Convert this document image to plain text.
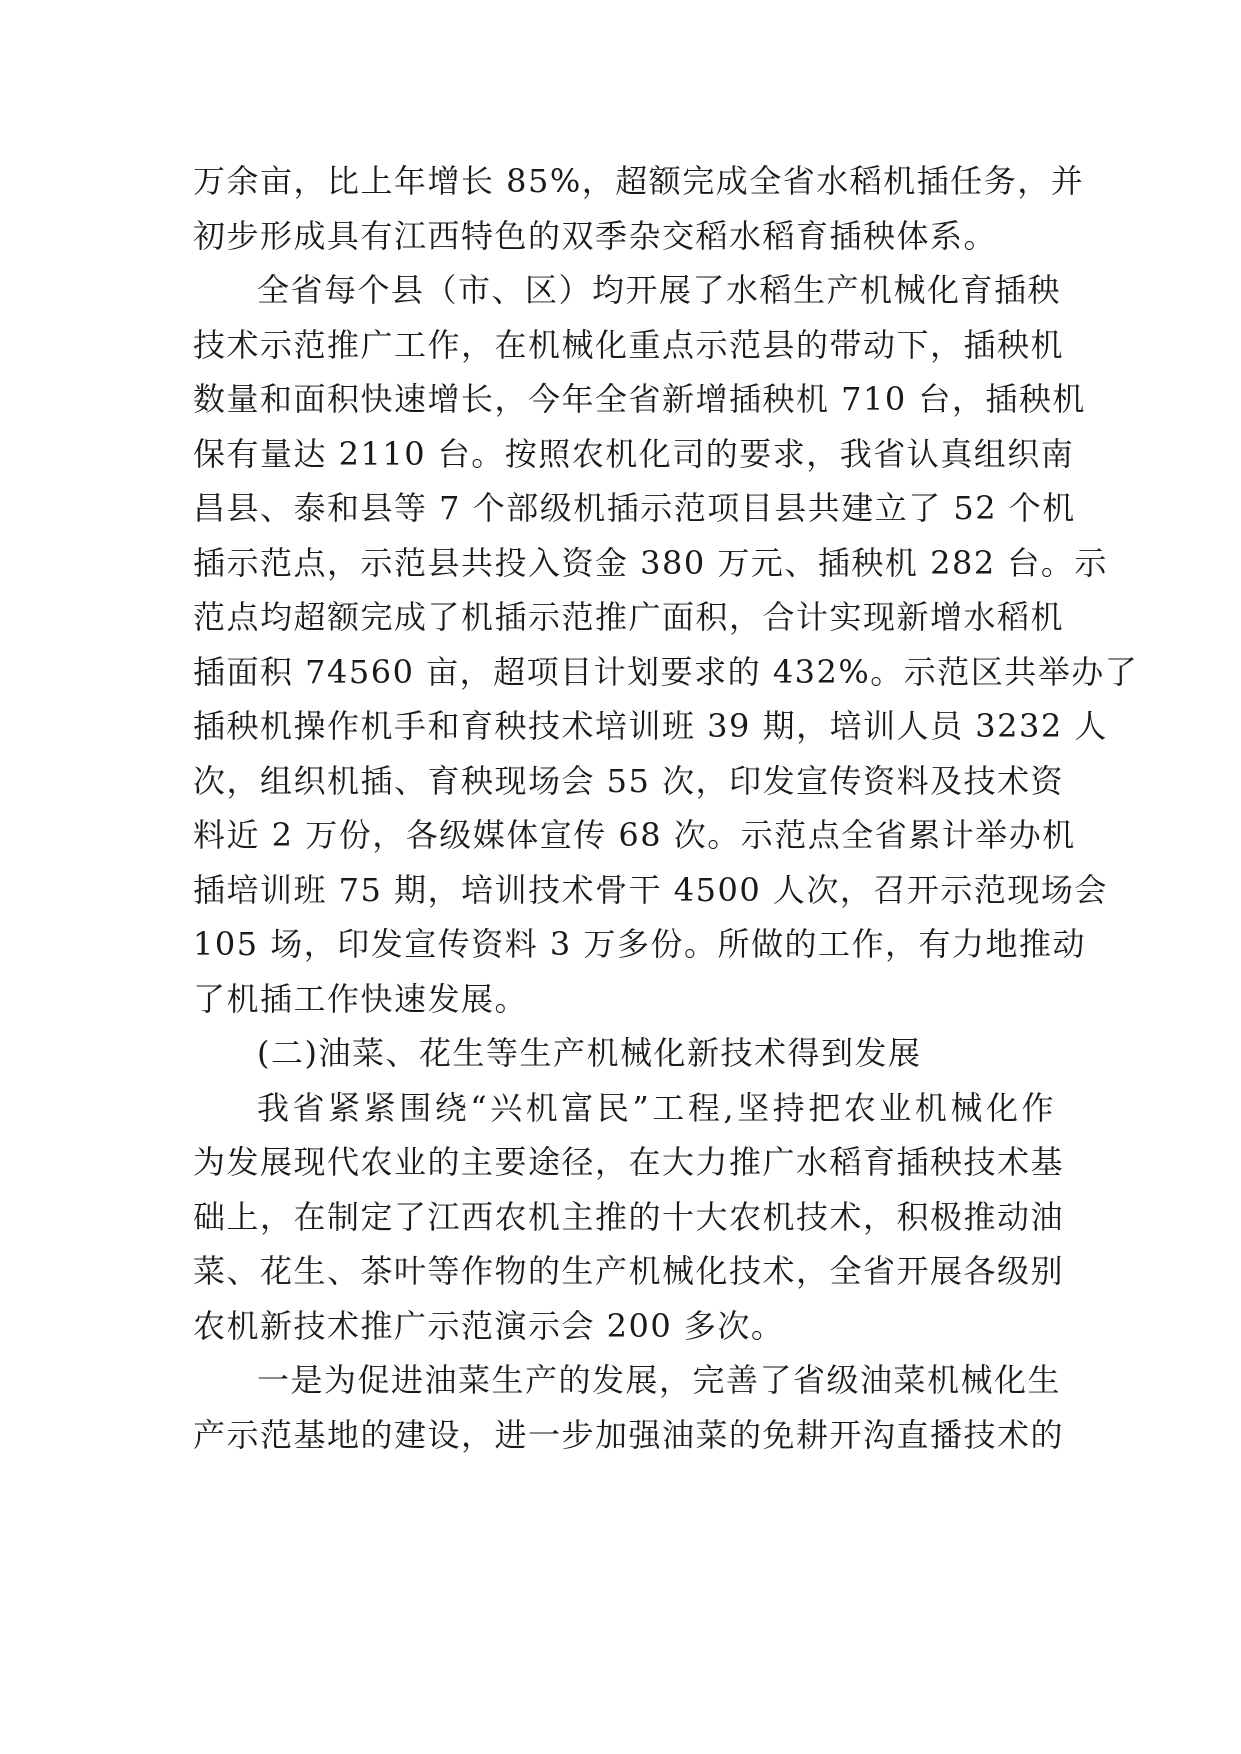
万余亩，比上年增长 85%，超额完成全省水稻机插任务，并
初步形成具有江西特色的双季杂交稻水稻育插秧体系。
全省每个县（市、区）均开展了水稻生产机械化育插秧
技术示范推广工作，在机械化重点示范县的带动下，插秧机
数量和面积快速增长，今年全省新增插秧机 710 台，插秧机
保有量达 2110 台。按照农机化司的要求，我省认真组织南
昌县、泰和县等 7 个部级机插示范项目县共建立了 52 个机
插示范点，示范县共投入资金 380 万元、插秧机 282 台。示
范点均超额完成了机插示范推广面积，合计实现新增水稻机
插面积 74560 亩，超项目计划要求的 432%。示范区共举办了
插秧机操作机手和育秧技术培训班 39 期，培训人员 3232 人
次，组织机插、育秧现场会 55 次，印发宣传资料及技术资
料近 2 万份，各级媒体宣传 68 次。示范点全省累计举办机
插培训班 75 期，培训技术骨干 4500 人次，召开示范现场会
105 场，印发宣传资料 3 万多份。所做的工作，有力地推动
了机插工作快速发展。
(二)油菜、花生等生产机械化新技术得到发展
我省紧紧围绕“兴机富民”工程,坚持把农业机械化作
为发展现代农业的主要途径，在大力推广水稻育插秧技术基
础上，在制定了江西农机主推的十大农机技术，积极推动油
菜、花生、茶叶等作物的生产机械化技术，全省开展各级别
农机新技术推广示范演示会 200 多次。
一是为促进油菜生产的发展，完善了省级油菜机械化生
产示范基地的建设，进一步加强油菜的免耕开沟直播技术的
